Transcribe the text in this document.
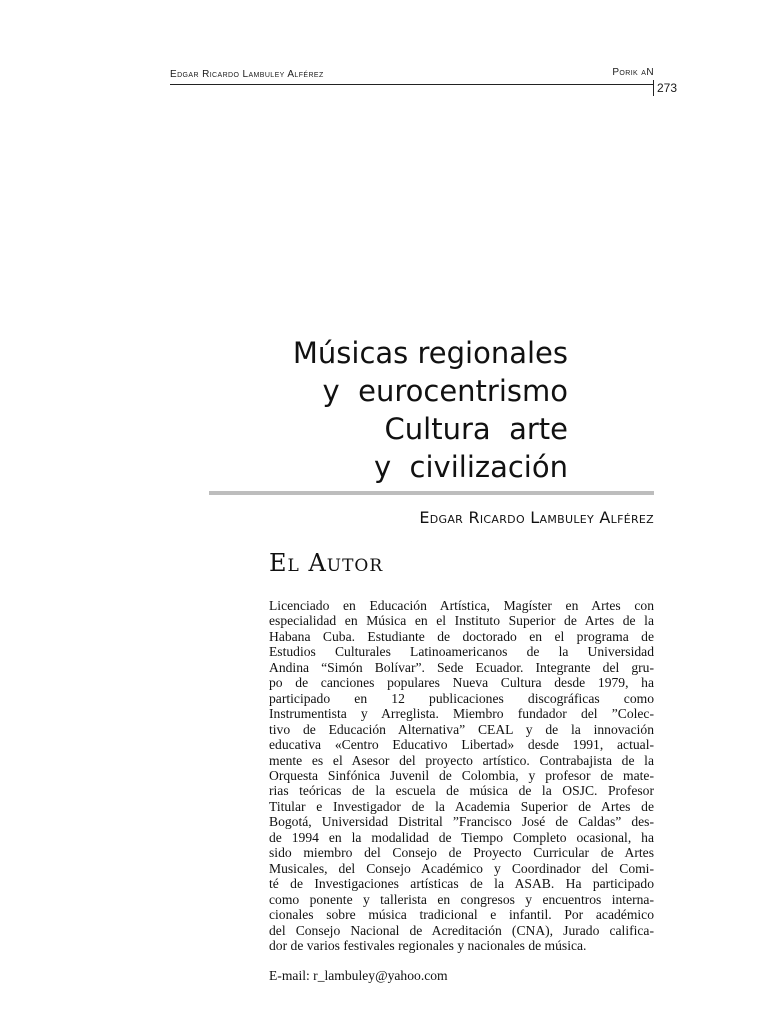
Edgar Ricardo Lambuley Alférez	Porik aN
273
Músicas regionales
y  eurocentrismo
Cultura  arte
y  civilización
Edgar Ricardo Lambuley Alférez
El Autor
Licenciado en Educación Artística, Magíster en Artes con
especialidad en Música en el Instituto Superior de Artes de la
Habana Cuba. Estudiante de doctorado en el programa de
Estudios Culturales Latinoamericanos de la Universidad
Andina “Simón Bolívar”. Sede Ecuador. Integrante del gru-
po de canciones populares Nueva Cultura desde 1979, ha
participado en 12 publicaciones discográficas como
Instrumentista y Arreglista. Miembro fundador del ”Colec-
tivo de Educación Alternativa” CEAL y de la innovación
educativa «Centro Educativo Libertad» desde 1991, actual-
mente es el Asesor del proyecto artístico. Contrabajista de la
Orquesta Sinfónica Juvenil de Colombia, y profesor de mate-
rias teóricas de la escuela de música de la OSJC. Profesor
Titular e Investigador de la Academia Superior de Artes de
Bogotá, Universidad Distrital ”Francisco José de Caldas” des-
de 1994 en la modalidad de Tiempo Completo ocasional, ha
sido miembro del Consejo de Proyecto Curricular de Artes
Musicales, del Consejo Académico y Coordinador del Comi-
té de Investigaciones artísticas de la ASAB. Ha participado
como ponente y tallerista en congresos y encuentros interna-
cionales sobre música tradicional e infantil. Por académico
del Consejo Nacional de Acreditación (CNA), Jurado califica-
dor de varios festivales regionales y nacionales de música.
E-mail: r_lambuley@yahoo.com
